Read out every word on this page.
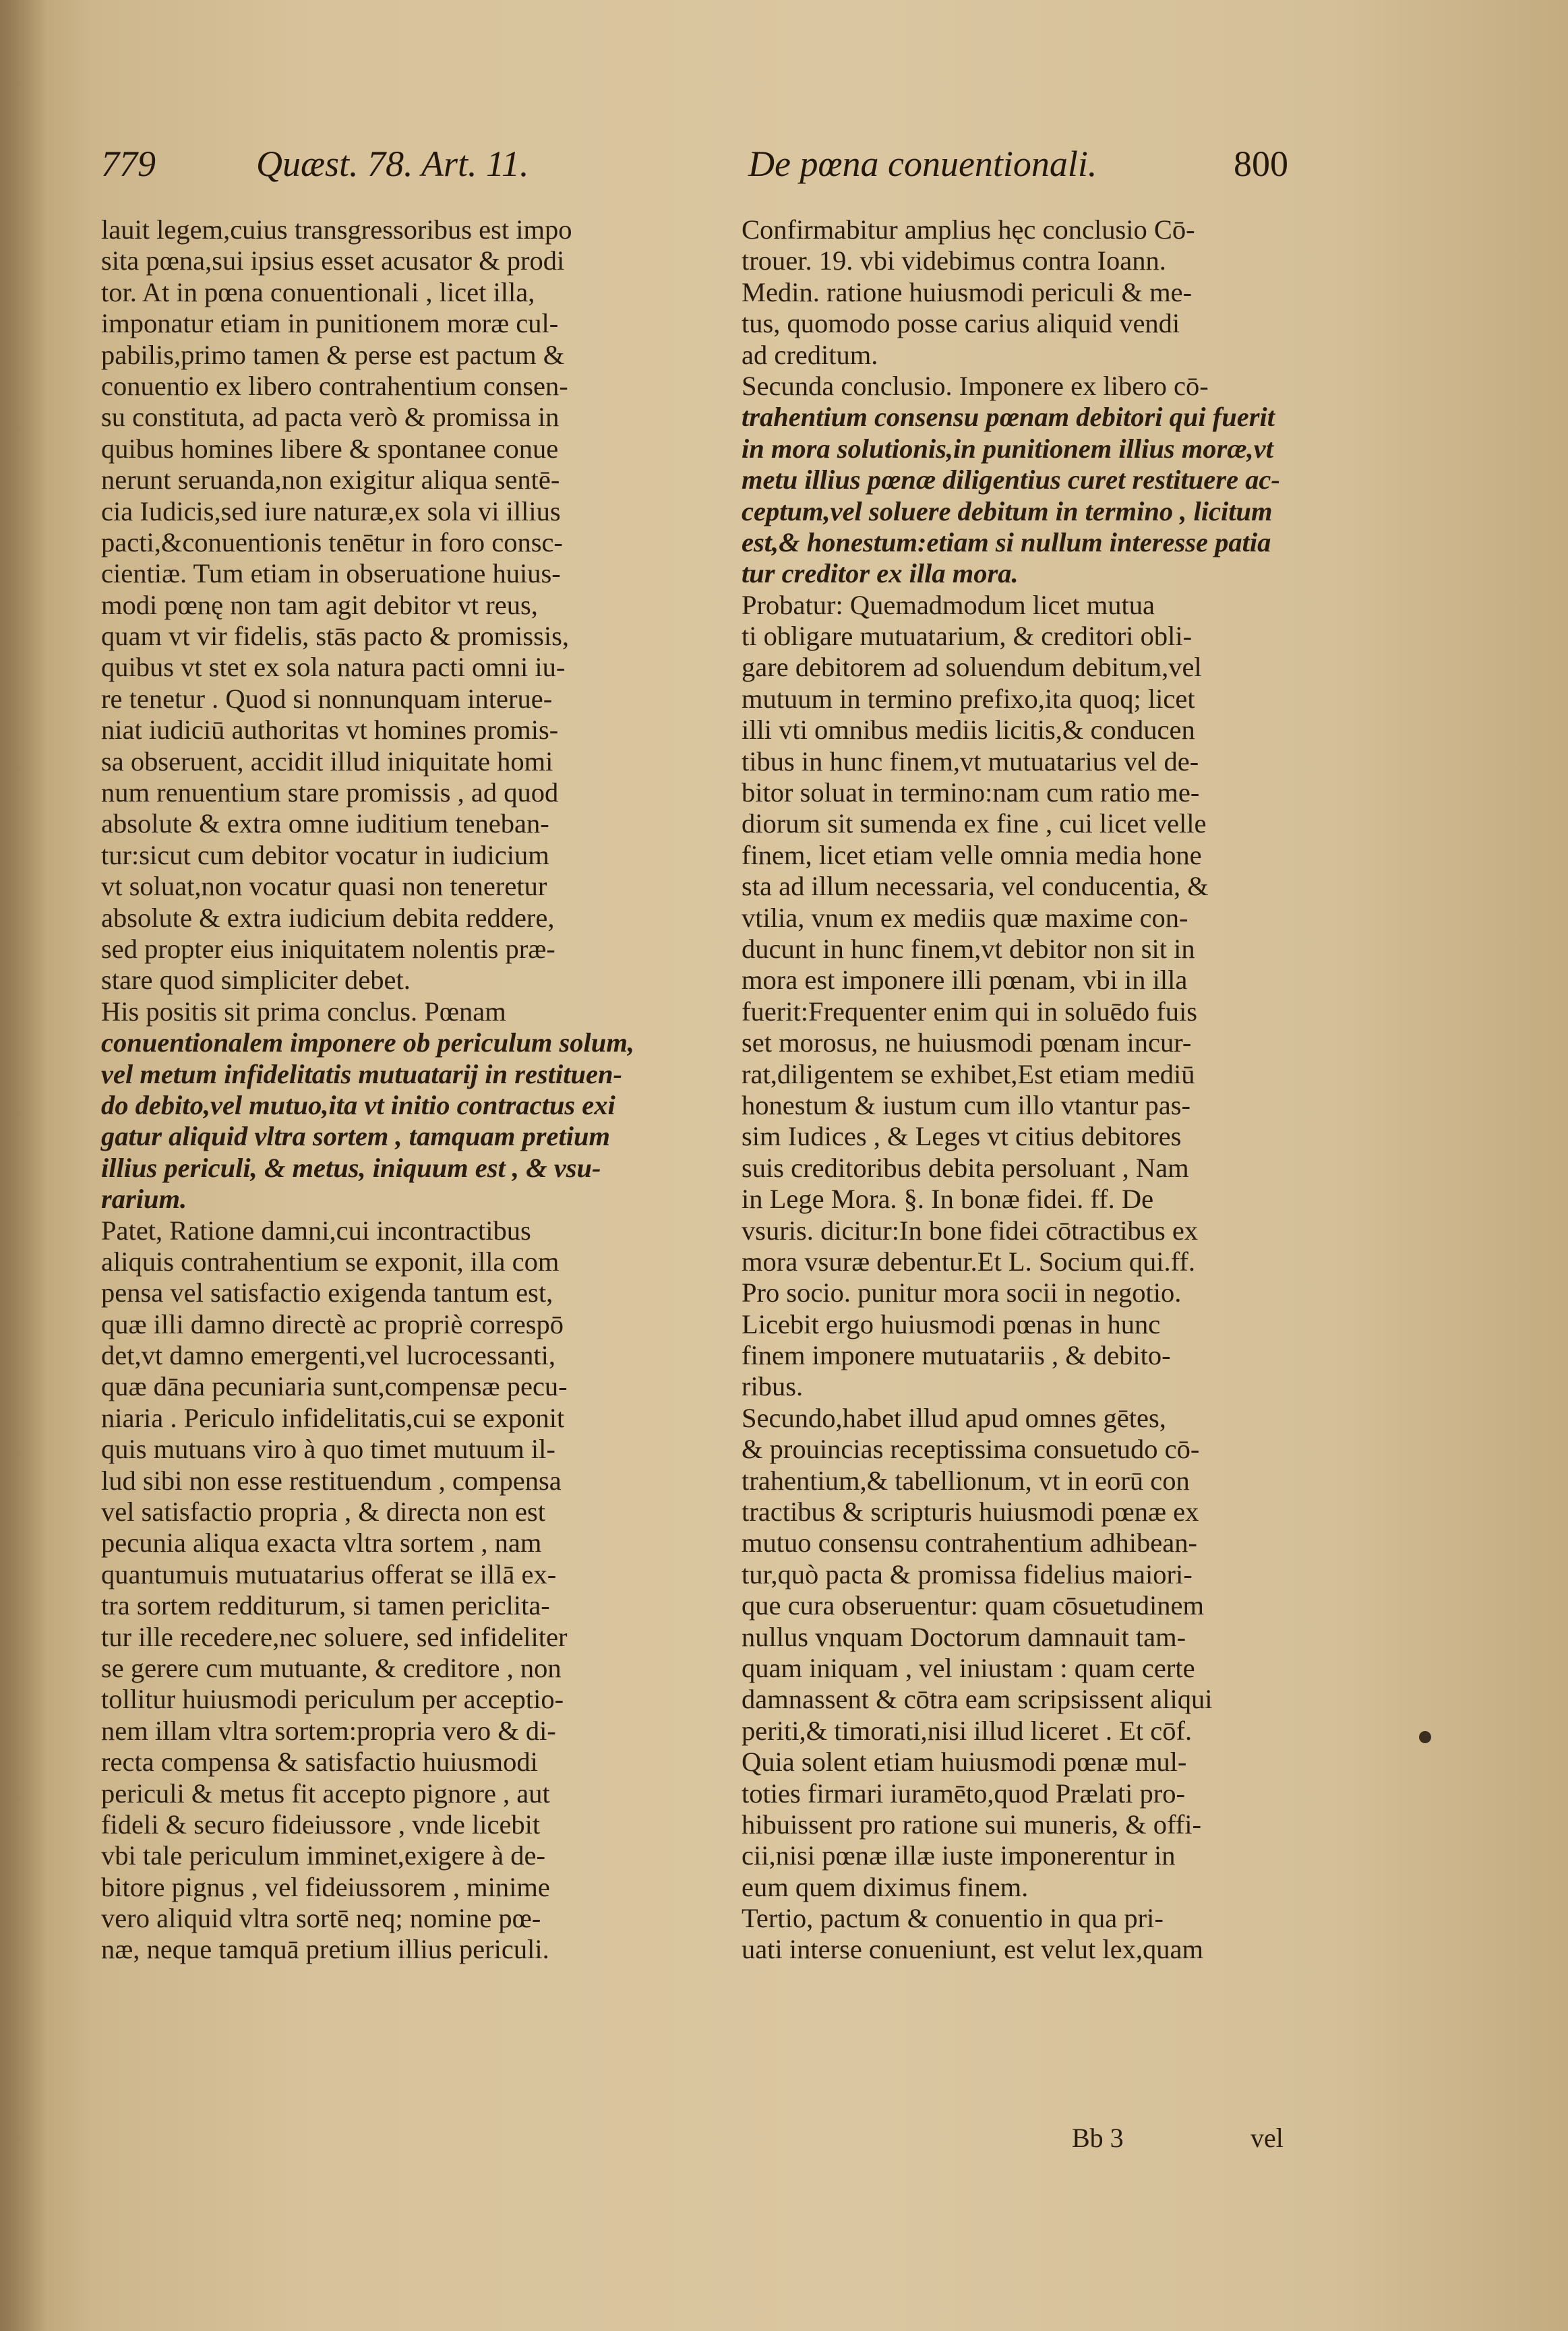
779	Quæst. 78. Art. 11.	De pœna conuentionali.	800
lauit legem,cuius transgressoribus est impo
sita pœna,sui ipsius esset acusator & prodi
tor. At in pœna conuentionali , licet illa,
imponatur etiam in punitionem moræ cul-
pabilis,primo tamen & perse est pactum &
conuentio ex libero contrahentium consen-
su constituta, ad pacta verò & promissa in
quibus homines libere & spontanee conue
nerunt seruanda,non exigitur aliqua sentē-
cia Iudicis,sed iure naturæ,ex sola vi illius
pacti,&conuentionis tenētur in foro consc-
cientiæ. Tum etiam in obseruatione huius-
modi pœnę non tam agit debitor vt reus,
quam vt vir fidelis, stās pacto & promissis,
quibus vt stet ex sola natura pacti omni iu-
re tenetur . Quod si nonnunquam interue-
niat iudiciū authoritas vt homines promis-
sa obseruent, accidit illud iniquitate homi
num renuentium stare promissis , ad quod
absolute & extra omne iuditium teneban-
tur:sicut cum debitor vocatur in iudicium
vt soluat,non vocatur quasi non teneretur
absolute & extra iudicium debita reddere,
sed propter eius iniquitatem nolentis præ-
stare quod simpliciter debet.
His positis sit prima conclus. Pœnam
conuentionalem imponere ob periculum solum,
vel metum infidelitatis mutuatarij in restituen-
do debito,vel mutuo,ita vt initio contractus exi
gatur aliquid vltra sortem , tamquam pretium
illius periculi, & metus, iniquum est , & vsu-
rarium.
Patet, Ratione damni,cui incontractibus
aliquis contrahentium se exponit, illa com
pensa vel satisfactio exigenda tantum est,
quæ illi damno directè ac propriè correspō
det,vt damno emergenti,vel lucrocessanti,
quæ dāna pecuniaria sunt,compensæ pecu-
niaria . Periculo infidelitatis,cui se exponit
quis mutuans viro à quo timet mutuum il-
lud sibi non esse restituendum , compensa
vel satisfactio propria , & directa non est
pecunia aliqua exacta vltra sortem , nam
quantumuis mutuatarius offerat se illā ex-
tra sortem redditurum, si tamen periclita-
tur ille recedere,nec soluere, sed infideliter
se gerere cum mutuante, & creditore , non
tollitur huiusmodi periculum per acceptio-
nem illam vltra sortem:propria vero & di-
recta compensa & satisfactio huiusmodi
periculi & metus fit accepto pignore , aut
fideli & securo fideiussore , vnde licebit
vbi tale periculum imminet,exigere à de-
bitore pignus , vel fideiussorem , minime
vero aliquid vltra sortē neq; nomine pœ-
næ, neque tamquā pretium illius periculi.
Confirmabitur amplius hęc conclusio Cō-
trouer. 19. vbi videbimus contra Ioann.
Medin. ratione huiusmodi periculi & me-
tus, quomodo posse carius aliquid vendi
ad creditum.
Secunda conclusio. Imponere ex libero cō-
trahentium consensu pœnam debitori qui fuerit
in mora solutionis,in punitionem illius moræ,vt
metu illius pœnæ diligentius curet restituere ac-
ceptum,vel soluere debitum in termino , licitum
est,& honestum:etiam si nullum interesse patia
tur creditor ex illa mora.
Probatur: Quemadmodum licet mutua
ti obligare mutuatarium, & creditori obli-
gare debitorem ad soluendum debitum,vel
mutuum in termino prefixo,ita quoq; licet
illi vti omnibus mediis licitis,& conducen
tibus in hunc finem,vt mutuatarius vel de-
bitor soluat in termino:nam cum ratio me-
diorum sit sumenda ex fine , cui licet velle
finem, licet etiam velle omnia media hone
sta ad illum necessaria, vel conducentia, &
vtilia, vnum ex mediis quæ maxime con-
ducunt in hunc finem,vt debitor non sit in
mora est imponere illi pœnam, vbi in illa
fuerit:Frequenter enim qui in soluēdo fuis
set morosus, ne huiusmodi pœnam incur-
rat,diligentem se exhibet,Est etiam mediū
honestum & iustum cum illo vtantur pas-
sim Iudices , & Leges vt citius debitores
suis creditoribus debita persoluant , Nam
in Lege Mora. §. In bonæ fidei. ff. De
vsuris. dicitur:In bone fidei cōtractibus ex
mora vsuræ debentur.Et L. Socium qui.ff.
Pro socio. punitur mora socii in negotio.
Licebit ergo huiusmodi pœnas in hunc
finem imponere mutuatariis , & debito-
ribus.
Secundo,habet illud apud omnes gētes,
& prouincias receptissima consuetudo cō-
trahentium,& tabellionum, vt in eorū con
tractibus & scripturis huiusmodi pœnæ ex
mutuo consensu contrahentium adhibean-
tur,quò pacta & promissa fidelius maiori-
que cura obseruentur: quam cōsuetudinem
nullus vnquam Doctorum damnauit tam-
quam iniquam , vel iniustam : quam certe
damnassent & cōtra eam scripsissent aliqui
periti,& timorati,nisi illud liceret . Et cōf.
Quia solent etiam huiusmodi pœnæ mul-
toties firmari iuramēto,quod Prælati pro-
hibuissent pro ratione sui muneris, & offi-
cii,nisi pœnæ illæ iuste imponerentur in
eum quem diximus finem.
Tertio, pactum & conuentio in qua pri-
uati interse conueniunt, est velut lex,quam
Bb 3	vel
